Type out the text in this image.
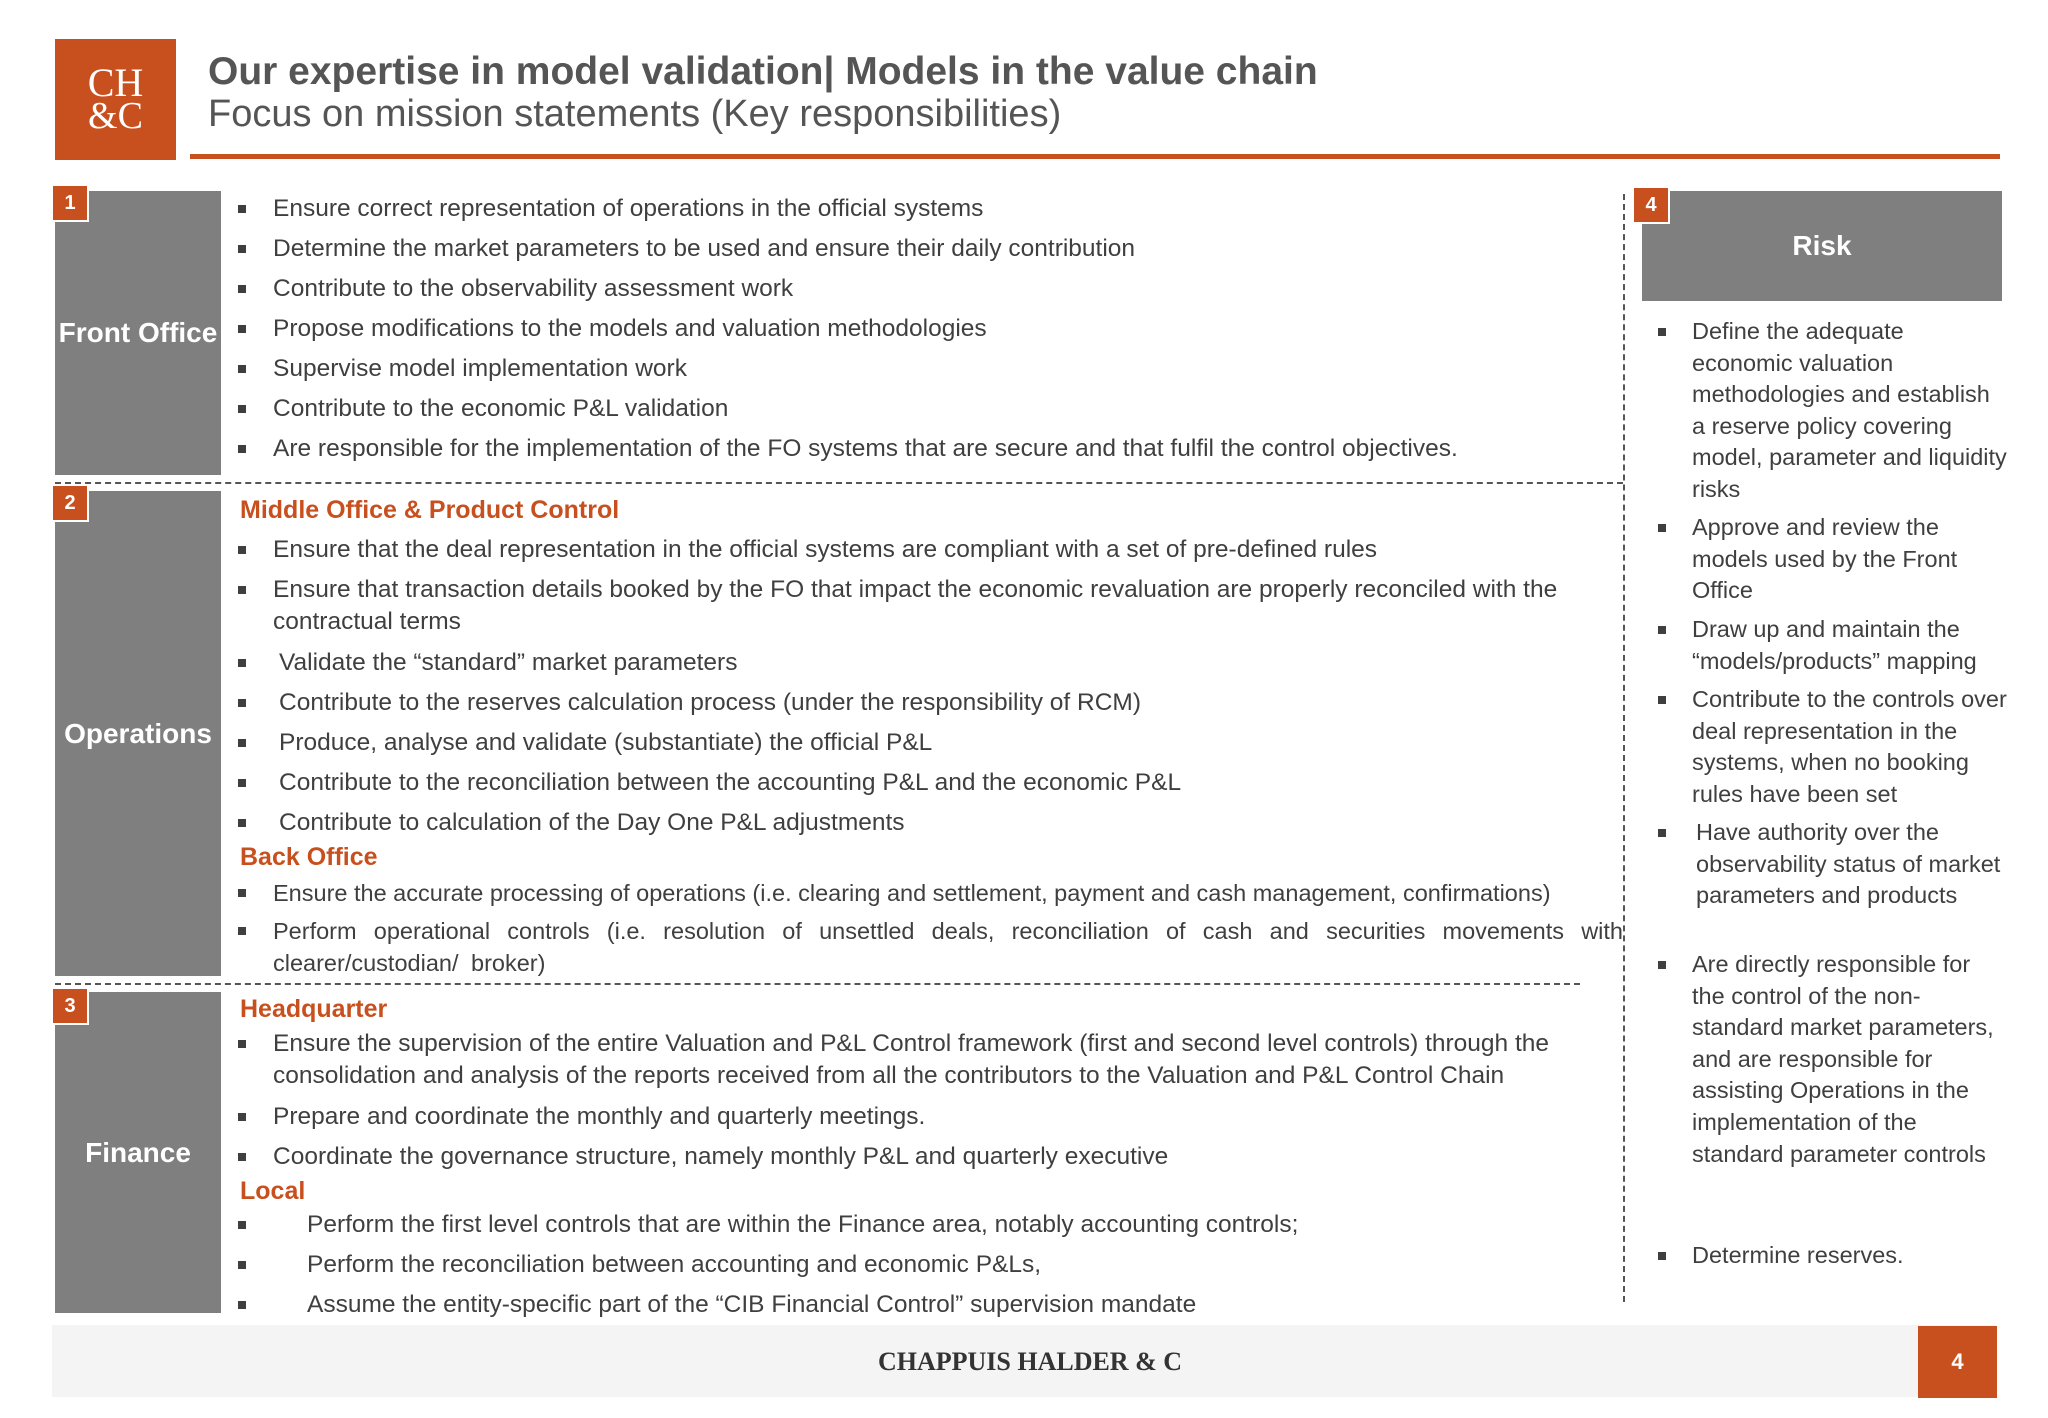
CH
&C
Our expertise in model validation| Models in the value chain
Focus on mission statements (Key responsibilities)
Front Office
1	Ensure correct representation of operations in the official systems
Determine the market parameters to be used and ensure their daily contribution
Contribute to the observability assessment work
Propose modifications to the models and valuation methodologies
Supervise model implementation work
Contribute to the economic P&L validation
Are responsible for the implementation of the FO systems that are secure and that fulfil the control objectives.
Operations
2	Middle Office & Product Control
Ensure that the deal representation in the official systems are compliant with a set of pre-defined rules
Ensure that transaction details booked by the FO that impact the economic revaluation are properly reconciled with the contractual terms
Validate the “standard” market parameters
Contribute to the reserves calculation process (under the responsibility of RCM)
Produce, analyse and validate (substantiate) the official P&L
Contribute to the reconciliation between the accounting P&L and the economic P&L
Contribute to calculation of the Day One P&L adjustments
Back Office
Ensure the accurate processing of operations (i.e. clearing and settlement, payment and cash management, confirmations)
Perform operational controls (i.e. resolution of unsettled deals, reconciliation of cash and securities movements with clearer/custodian/ broker)
Finance
3	Headquarter
Ensure the supervision of the entire Valuation and P&L Control framework (first and second level controls) through the consolidation and analysis of the reports received from all the contributors to the Valuation and P&L Control Chain
Prepare and coordinate the monthly and quarterly meetings.
Coordinate the governance structure, namely monthly P&L and quarterly executive
Local
Perform the first level controls that are within the Finance area, notably accounting controls;
Perform the reconciliation between accounting and economic P&Ls,
Assume the entity-specific part of the “CIB Financial Control” supervision mandate
Risk
4
Define the adequate economic valuation methodologies and establish a reserve policy covering model, parameter and liquidity risks
Approve and review the models used by the Front Office
Draw up and maintain the “models/products” mapping
Contribute to the controls over deal representation in the systems, when no booking rules have been set
Have authority over the observability status of market parameters and products
Are directly responsible for the control of the non-standard market parameters, and are responsible for assisting Operations in the implementation of the standard parameter controls
Determine reserves.
CHAPPUIS HALDER & C	4
